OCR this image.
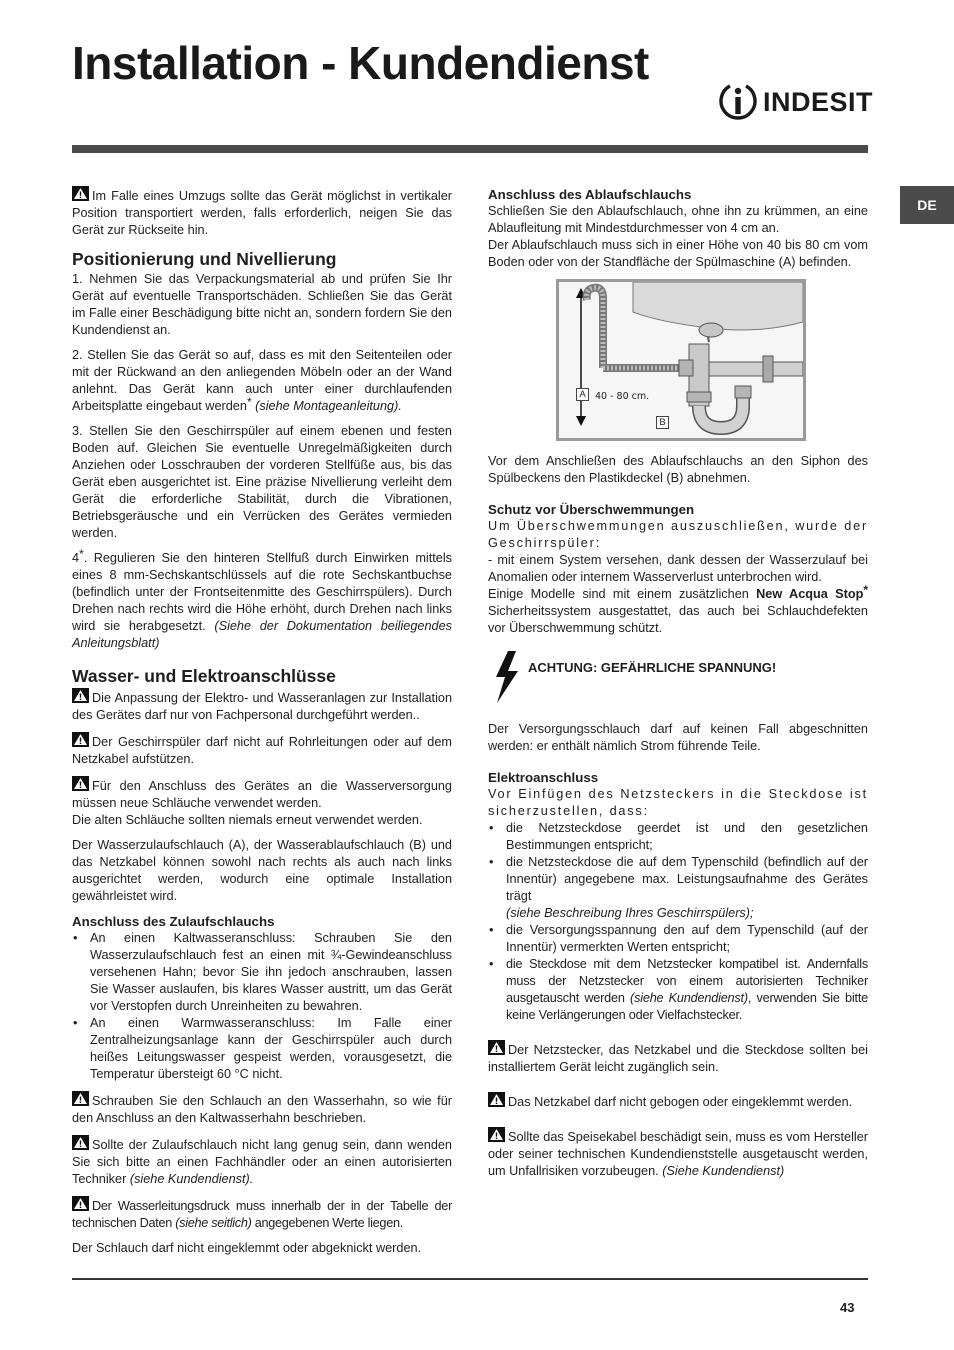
Installation - Kundendienst
INDESIT
DE

Im Falle eines Umzugs sollte das Gerät möglichst in vertikaler Position transportiert werden, falls erforderlich, neigen Sie das Gerät zur Rückseite hin.

Positionierung und Nivellierung

1. Nehmen Sie das Verpackungsmaterial ab und prüfen Sie Ihr Gerät auf eventuelle Transportschäden. Schließen Sie das Gerät im Falle einer Beschädigung bitte nicht an, sondern fordern Sie den Kundendienst an.

2. Stellen Sie das Gerät so auf, dass es mit den Seitenteilen oder mit der Rückwand an den anliegenden Möbeln oder an der Wand anlehnt. Das Gerät kann auch unter einer durchlaufenden Arbeitsplatte eingebaut werden* (siehe Montageanleitung).

3. Stellen Sie den Geschirrspüler auf einem ebenen und festen Boden auf. Gleichen Sie eventuelle Unregelmäßigkeiten durch Anziehen oder Losschrauben der vorderen Stellfüße aus, bis das Gerät eben ausgerichtet ist. Eine präzise Nivellierung verleiht dem Gerät die erforderliche Stabilität, durch die Vibrationen, Betriebsgeräusche und ein Verrücken des Gerätes vermieden werden.

4*. Regulieren Sie den hinteren Stellfuß durch Einwirken mittels eines 8 mm-Sechskantschlüssels auf die rote Sechskantbuchse (befindlich unter der Frontseitenmitte des Geschirrspülers). Durch Drehen nach rechts wird die Höhe erhöht, durch Drehen nach links wird sie herabgesetzt. (Siehe der Dokumentation beiliegendes Anleitungsblatt)

Wasser- und Elektroanschlüsse

Die Anpassung der Elektro- und Wasseranlagen zur Installation des Gerätes darf nur von Fachpersonal durchgeführt werden..

Der Geschirrspüler darf nicht auf Rohrleitungen oder auf dem Netzkabel aufstützen.

Für den Anschluss des Gerätes an die Wasserversorgung müssen neue Schläuche verwendet werden.

Die alten Schläuche sollten niemals erneut verwendet werden.

Der Wasserzulaufschlauch (A), der Wasserablaufschlauch (B) und das Netzkabel können sowohl nach rechts als auch nach links ausgerichtet werden, wodurch eine optimale Installation gewährleistet wird.

Anschluss des Zulaufschlauchs
• An einen Kaltwasseranschluss: Schrauben Sie den Wasserzulaufschlauch fest an einen mit ¾-Gewindeanschluss versehenen Hahn; bevor Sie ihn jedoch anschrauben, lassen Sie Wasser auslaufen, bis klares Wasser austritt, um das Gerät vor Verstopfen durch Unreinheiten zu bewahren.
• An einen Warmwasseranschluss: Im Falle einer Zentralheizungsanlage kann der Geschirrspüler auch durch heißes Leitungswasser gespeist werden, vorausgesetzt, die Temperatur übersteigt 60 °C nicht.

Schrauben Sie den Schlauch an den Wasserhahn, so wie für den Anschluss an den Kaltwasserhahn beschrieben.

Sollte der Zulaufschlauch nicht lang genug sein, dann wenden Sie sich bitte an einen Fachhändler oder an einen autorisierten Techniker (siehe Kundendienst).

Der Wasserleitungsdruck muss innerhalb der in der Tabelle der technischen Daten (siehe seitlich) angegebenen Werte liegen.

Der Schlauch darf nicht eingeklemmt oder abgeknickt werden.

Anschluss des Ablaufschlauchs

Schließen Sie den Ablaufschlauch, ohne ihn zu krümmen, an eine Ablaufleitung mit Mindestdurchmesser von 4 cm an.

Der Ablaufschlauch muss sich in einer Höhe von 40 bis 80 cm vom Boden oder von der Standfläche der Spülmaschine (A) befinden.

A 40 - 80 cm.
B

Vor dem Anschließen des Ablaufschlauchs an den Siphon des Spülbeckens den Plastikdeckel (B) abnehmen.

Schutz vor Überschwemmungen

Um Überschwemmungen auszuschließen, wurde der Geschirrspüler:

- mit einem System versehen, dank dessen der Wasserzulauf bei Anomalien oder internem Wasserverlust unterbrochen wird.

Einige Modelle sind mit einem zusätzlichen New Acqua Stop* Sicherheitssystem ausgestattet, das auch bei Schlauchdefekten vor Überschwemmung schützt.

ACHTUNG: GEFÄHRLICHE SPANNUNG!

Der Versorgungsschlauch darf auf keinen Fall abgeschnitten werden: er enthält nämlich Strom führende Teile.

Elektroanschluss

Vor Einfügen des Netzsteckers in die Steckdose ist sicherzustellen, dass:

• die Netzsteckdose geerdet ist und den gesetzlichen Bestimmungen entspricht;
• die Netzsteckdose die auf dem Typenschild (befindlich auf der Innentür) angegebene max. Leistungsaufnahme des Gerätes trägt
(siehe Beschreibung Ihres Geschirrspülers);
• die Versorgungsspannung den auf dem Typenschild (auf der Innentür) vermerkten Werten entspricht;
• die Steckdose mit dem Netzstecker kompatibel ist. Andernfalls muss der Netzstecker von einem autorisierten Techniker ausgetauscht werden (siehe Kundendienst), verwenden Sie bitte keine Verlängerungen oder Vielfachstecker.

Der Netzstecker, das Netzkabel und die Steckdose sollten bei installiertem Gerät leicht zugänglich sein.

Das Netzkabel darf nicht gebogen oder eingeklemmt werden.

Sollte das Speisekabel beschädigt sein, muss es vom Hersteller oder seiner technischen Kundendienststelle ausgetauscht werden, um Unfallrisiken vorzubeugen. (Siehe Kundendienst)

43
